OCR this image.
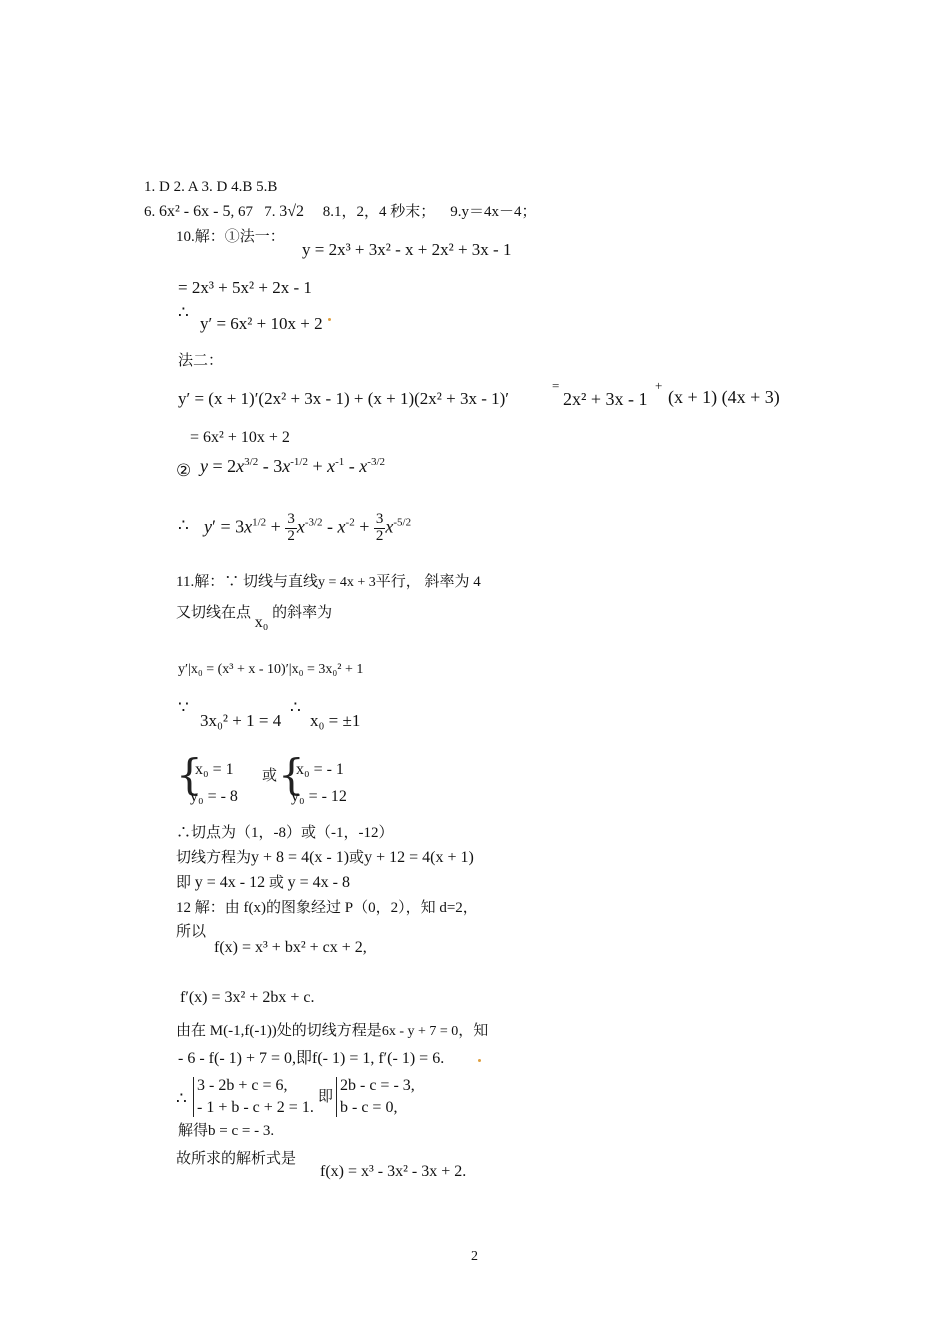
1. D 2. A 3. D 4.B 5.B
6. 6x² - 6x - 5, 67 7. 3√2 8.1，2，4 秒末； 9.y＝4x－4；
10.解：①法一：
y = 2x³ + 3x² - x + 2x² + 3x - 1
= 2x³ + 5x² + 2x - 1
∴
y′ = 6x² + 10x + 2
法二：
y′ = (x + 1)′(2x² + 3x - 1) + (x + 1)(2x² + 3x - 1)′
=
2x² + 3x - 1
+
(x + 1) (4x + 3)
= 6x² + 10x + 2
② $y = 2x^{3/2} - 3x^{-1/2} + x^{-1} - x^{-3/2}$
∴ $y' = 3x^{1/2} + \frac{3}{2} x^{-3/2} - x^{-2} + \frac{3}{2} x^{-5/2}$
11.解：∵ 切线与直线y = 4x + 3平行， 斜率为 4
又切线在点 x₀ 的斜率为
y′|x₀ = (x³ + x - 10)′|x₀ = 3x₀² + 1
∵
3x₀² + 1 = 4
∴
x₀ = ±1
{
x₀ = 1
y₀ = - 8
或 {
x₀ = - 1
y₀ = - 12
∴切点为（1，-8）或（-1，-12）
切线方程为y + 8 = 4(x - 1)或y + 12 = 4(x + 1)
即 y = 4x - 12 或 y = 4x - 8
12 解：由 f(x)的图象经过 P（0，2），知 d=2，
所以
f(x) = x³ + bx² + cx + 2,
f′(x) = 3x² + 2bx + c.
由在 M(-1,f(-1))处的切线方程是6x - y + 7 = 0，知
- 6 - f(- 1) + 7 = 0,即f(- 1) = 1, f′(- 1) = 6.
∴
3 - 2b + c = 6,
- 1 + b - c + 2 = 1.
即
2b - c = - 3,
b - c = 0,
解得b = c = - 3.
故所求的解析式是
f(x) = x³ - 3x² - 3x + 2.
2
